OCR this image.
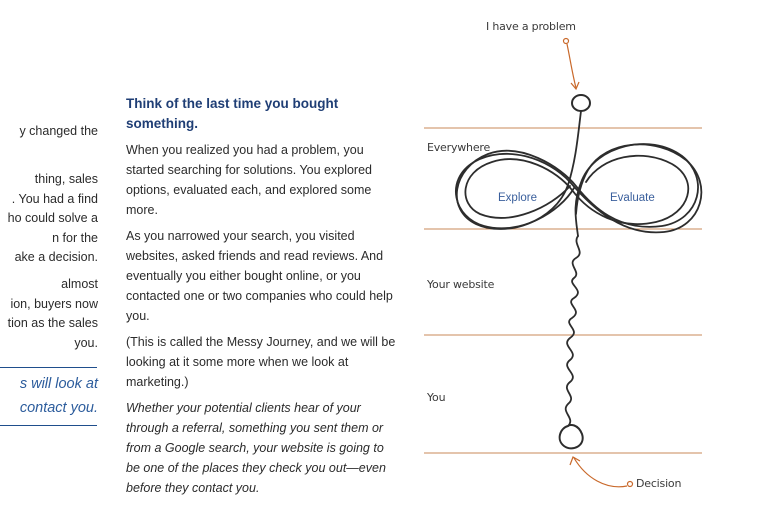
y changed the
thing, sales
. You had a find
ho could solve a
n for the
ake a decision.
almost
ion, buyers now
tion as the sales
you.
s will look at
contact you.
Think of the last time you bought something.

When you realized you had a problem, you started searching for solutions. You explored options, evaluated each, and explored some more.

As you narrowed your search, you visited websites, asked friends and read reviews. And eventually you either bought online, or you contacted one or two companies who could help you.

(This is called the Messy Journey, and we will be looking at it some more when we look at marketing.)

Whether your potential clients hear of your through a referral, something you sent them or from a Google search, your website is going to be one of the places they check you out—even before they contact you.

I have a problem
Everywhere
Your website
You
Explore	Evaluate
Decision
